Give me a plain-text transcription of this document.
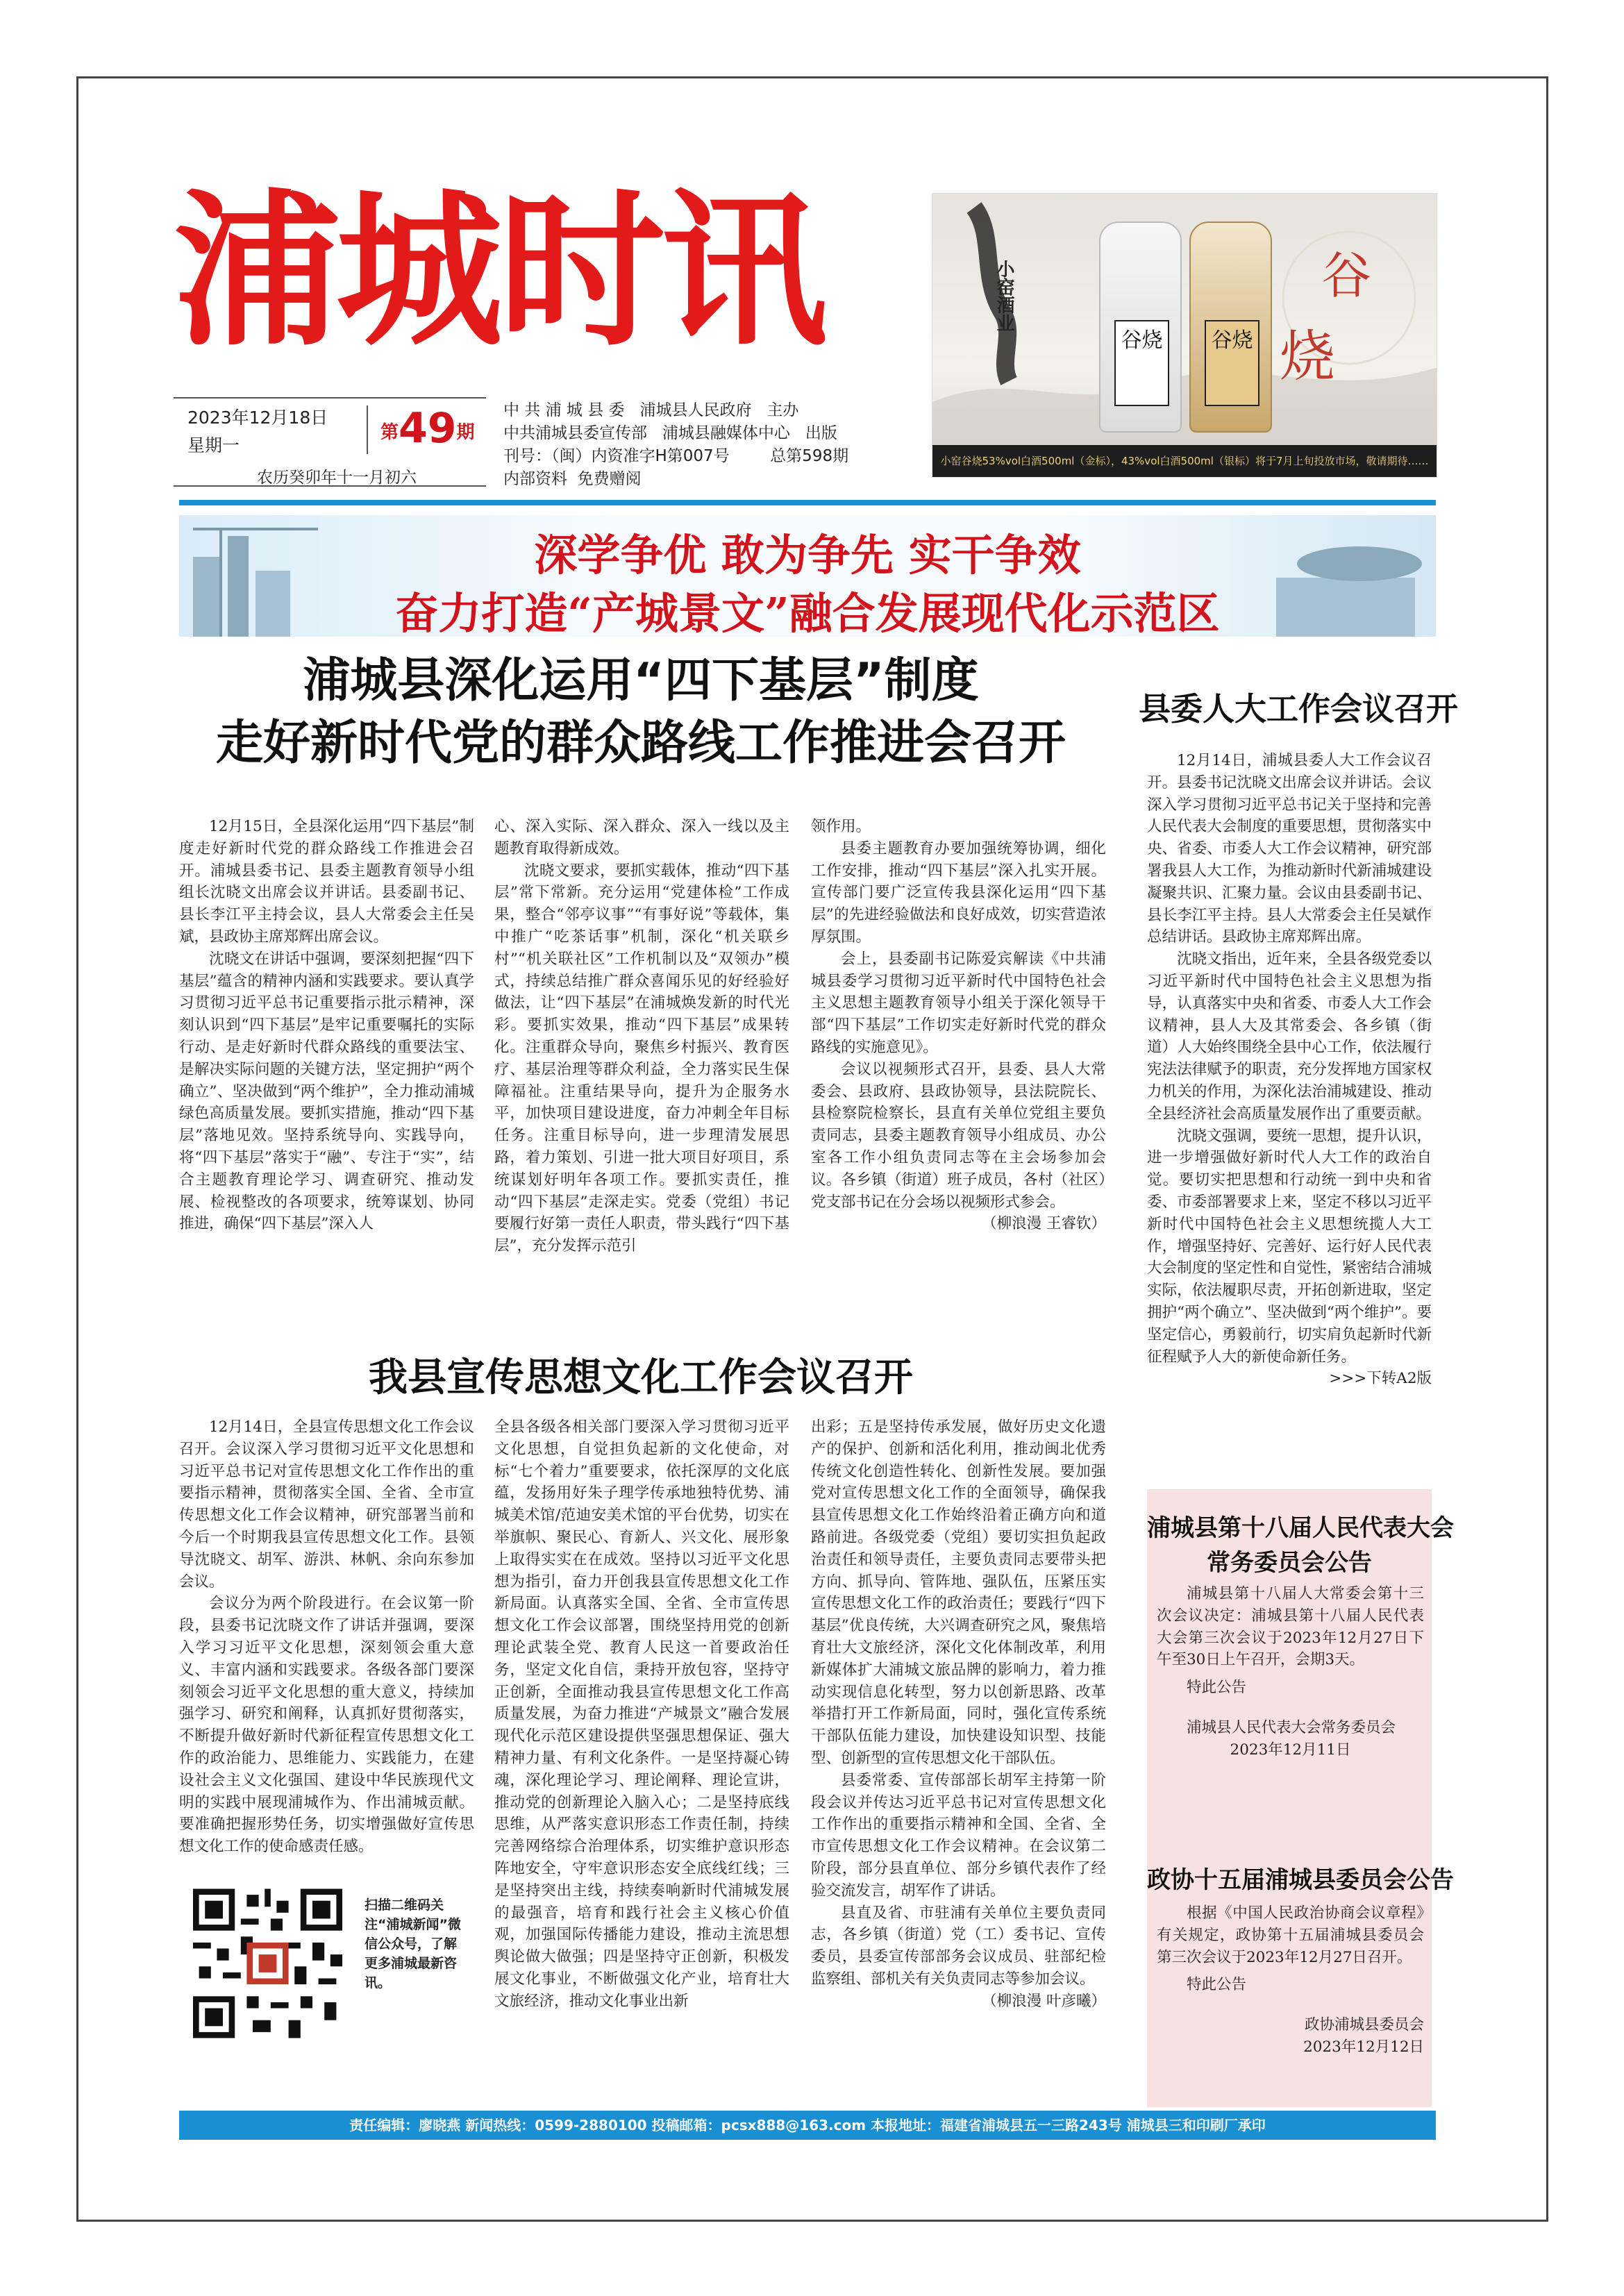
浦城时讯
2023年12月18日
星期一
第49期
农历癸卯年十一月初六
中 共 浦 城 县 委   浦城县人民政府   主办
中共浦城县委宣传部   浦城县融媒体中心   出版
刊号：（闽）内资准字H第007号        总第598期
内部资料  免费赠阅
小窑酒业
谷烧	谷烧
谷
烧
小窑谷烧53%vol白酒500ml（金标），43%vol白酒500ml（银标）将于7月上旬投放市场，敬请期待……
深学争优 敢为争先 实干争效
奋力打造“产城景文”融合发展现代化示范区
浦城县深化运用“四下基层”制度
走好新时代党的群众路线工作推进会召开

12月15日，全县深化运用“四下基层”制度走好新时代党的群众路线工作推进会召开。浦城县委书记、县委主题教育领导小组组长沈晓文出席会议并讲话。县委副书记、县长李江平主持会议，县人大常委会主任吴斌，县政协主席郑辉出席会议。

沈晓文在讲话中强调，要深刻把握“四下基层”蕴含的精神内涵和实践要求。要认真学习贯彻习近平总书记重要指示批示精神，深刻认识到“四下基层”是牢记重要嘱托的实际行动、是走好新时代群众路线的重要法宝、是解决实际问题的关键方法，坚定拥护“两个确立”、坚决做到“两个维护”，全力推动浦城绿色高质量发展。要抓实措施，推动“四下基层”落地见效。坚持系统导向、实践导向，将“四下基层”落实于“融”、专注于“实”，结合主题教育理论学习、调查研究、推动发展、检视整改的各项要求，统筹谋划、协同推进，确保“四下基层”深入人

心、深入实际、深入群众、深入一线以及主题教育取得新成效。

沈晓文要求，要抓实载体，推动“四下基层”常下常新。充分运用“党建体检”工作成果，整合“邻亭议事”“有事好说”等载体，集中推广“吃茶话事”机制，深化“机关联乡村”“机关联社区”工作机制以及“双领办”模式，持续总结推广群众喜闻乐见的好经验好做法，让“四下基层”在浦城焕发新的时代光彩。要抓实效果，推动“四下基层”成果转化。注重群众导向，聚焦乡村振兴、教育医疗、基层治理等群众利益，全力落实民生保障福祉。注重结果导向，提升为企服务水平，加快项目建设进度，奋力冲刺全年目标任务。注重目标导向，进一步理清发展思路，着力策划、引进一批大项目好项目，系统谋划好明年各项工作。要抓实责任，推动“四下基层”走深走实。党委（党组）书记要履行好第一责任人职责，带头践行“四下基层”，充分发挥示范引

领作用。

县委主题教育办要加强统筹协调，细化工作安排，推动“四下基层”深入扎实开展。宣传部门要广泛宣传我县深化运用“四下基层”的先进经验做法和良好成效，切实营造浓厚氛围。

会上，县委副书记陈爱宾解读《中共浦城县委学习贯彻习近平新时代中国特色社会主义思想主题教育领导小组关于深化领导干部“四下基层”工作切实走好新时代党的群众路线的实施意见》。

会议以视频形式召开，县委、县人大常委会、县政府、县政协领导，县法院院长、县检察院检察长，县直有关单位党组主要负责同志，县委主题教育领导小组成员、办公室各工作小组负责同志等在主会场参加会议。各乡镇（街道）班子成员，各村（社区）党支部书记在分会场以视频形式参会。

（柳浪漫 王睿钦）
县委人大工作会议召开

12月14日，浦城县委人大工作会议召开。县委书记沈晓文出席会议并讲话。会议深入学习贯彻习近平总书记关于坚持和完善人民代表大会制度的重要思想，贯彻落实中央、省委、市委人大工作会议精神，研究部署我县人大工作，为推动新时代新浦城建设凝聚共识、汇聚力量。会议由县委副书记、县长李江平主持。县人大常委会主任吴斌作总结讲话。县政协主席郑辉出席。

沈晓文指出，近年来，全县各级党委以习近平新时代中国特色社会主义思想为指导，认真落实中央和省委、市委人大工作会议精神，县人大及其常委会、各乡镇（街道）人大始终围绕全县中心工作，依法履行宪法法律赋予的职责，充分发挥地方国家权力机关的作用，为深化法治浦城建设、推动全县经济社会高质量发展作出了重要贡献。

沈晓文强调，要统一思想，提升认识，进一步增强做好新时代人大工作的政治自觉。要切实把思想和行动统一到中央和省委、市委部署要求上来，坚定不移以习近平新时代中国特色社会主义思想统揽人大工作，增强坚持好、完善好、运行好人民代表大会制度的坚定性和自觉性，紧密结合浦城实际，依法履职尽责，开拓创新进取，坚定拥护“两个确立”、坚决做到“两个维护”。要坚定信心，勇毅前行，切实肩负起新时代新征程赋予人大的新使命新任务。

>>>下转A2版
我县宣传思想文化工作会议召开

12月14日，全县宣传思想文化工作会议召开。会议深入学习贯彻习近平文化思想和习近平总书记对宣传思想文化工作作出的重要指示精神，贯彻落实全国、全省、全市宣传思想文化工作会议精神，研究部署当前和今后一个时期我县宣传思想文化工作。县领导沈晓文、胡军、游洪、林帆、余向东参加会议。

会议分为两个阶段进行。在会议第一阶段，县委书记沈晓文作了讲话并强调，要深入学习习近平文化思想，深刻领会重大意义、丰富内涵和实践要求。各级各部门要深刻领会习近平文化思想的重大意义，持续加强学习、研究和阐释，认真抓好贯彻落实，不断提升做好新时代新征程宣传思想文化工作的政治能力、思维能力、实践能力，在建设社会主义文化强国、建设中华民族现代文明的实践中展现浦城作为、作出浦城贡献。要准确把握形势任务，切实增强做好宣传思想文化工作的使命感责任感。

全县各级各相关部门要深入学习贯彻习近平文化思想，自觉担负起新的文化使命，对标“七个着力”重要要求，依托深厚的文化底蕴，发扬用好朱子理学传承地独特优势、浦城美术馆/范迪安美术馆的平台优势，切实在举旗帜、聚民心、育新人、兴文化、展形象上取得实实在在成效。坚持以习近平文化思想为指引，奋力开创我县宣传思想文化工作新局面。认真落实全国、全省、全市宣传思想文化工作会议部署，围绕坚持用党的创新理论武装全党、教育人民这一首要政治任务，坚定文化自信，秉持开放包容，坚持守正创新，全面推动我县宣传思想文化工作高质量发展，为奋力推进“产城景文”融合发展现代化示范区建设提供坚强思想保证、强大精神力量、有利文化条件。一是坚持凝心铸魂，深化理论学习、理论阐释、理论宣讲，推动党的创新理论入脑入心；二是坚持底线思维，从严落实意识形态工作责任制，持续完善网络综合治理体系，切实维护意识形态阵地安全，守牢意识形态安全底线红线；三是坚持突出主线，持续奏响新时代浦城发展的最强音，培育和践行社会主义核心价值观，加强国际传播能力建设，推动主流思想舆论做大做强；四是坚持守正创新，积极发展文化事业，不断做强文化产业，培育壮大文旅经济，推动文化事业出新

出彩；五是坚持传承发展，做好历史文化遗产的保护、创新和活化利用，推动闽北优秀传统文化创造性转化、创新性发展。要加强党对宣传思想文化工作的全面领导，确保我县宣传思想文化工作始终沿着正确方向和道路前进。各级党委（党组）要切实担负起政治责任和领导责任，主要负责同志要带头把方向、抓导向、管阵地、强队伍，压紧压实宣传思想文化工作的政治责任；要践行“四下基层”优良传统，大兴调查研究之风，聚焦培育壮大文旅经济，深化文化体制改革，利用新媒体扩大浦城文旅品牌的影响力，着力推动实现信息化转型，努力以创新思路、改革举措打开工作新局面，同时，强化宣传系统干部队伍能力建设，加快建设知识型、技能型、创新型的宣传思想文化干部队伍。

县委常委、宣传部部长胡军主持第一阶段会议并传达习近平总书记对宣传思想文化工作作出的重要指示精神和全国、全省、全市宣传思想文化工作会议精神。在会议第二阶段，部分县直单位、部分乡镇代表作了经验交流发言，胡军作了讲话。

县直及省、市驻浦有关单位主要负责同志，各乡镇（街道）党（工）委书记、宣传委员，县委宣传部部务会议成员、驻部纪检监察组、部机关有关负责同志等参加会议。

（柳浪漫 叶彦曦）
扫描二维码关注“浦城新闻”微信公众号，了解更多浦城最新咨讯。
浦城县第十八届人民代表大会
常务委员会公告

浦城县第十八届人大常委会第十三次会议决定：浦城县第十八届人民代表大会第三次会议于2023年12月27日下午至30日上午召开，会期3天。

特此公告

浦城县人民代表大会常务委员会

2023年12月11日
政协十五届浦城县委员会公告

根据《中国人民政治协商会议章程》有关规定，政协第十五届浦城县委员会第三次会议于2023年12月27日召开。

特此公告

政协浦城县委员会
2023年12月12日
责任编辑：廖晓燕 新闻热线：0599-2880100 投稿邮箱：pcsx888@163.com 本报地址：福建省浦城县五一三路243号 浦城县三和印刷厂承印
